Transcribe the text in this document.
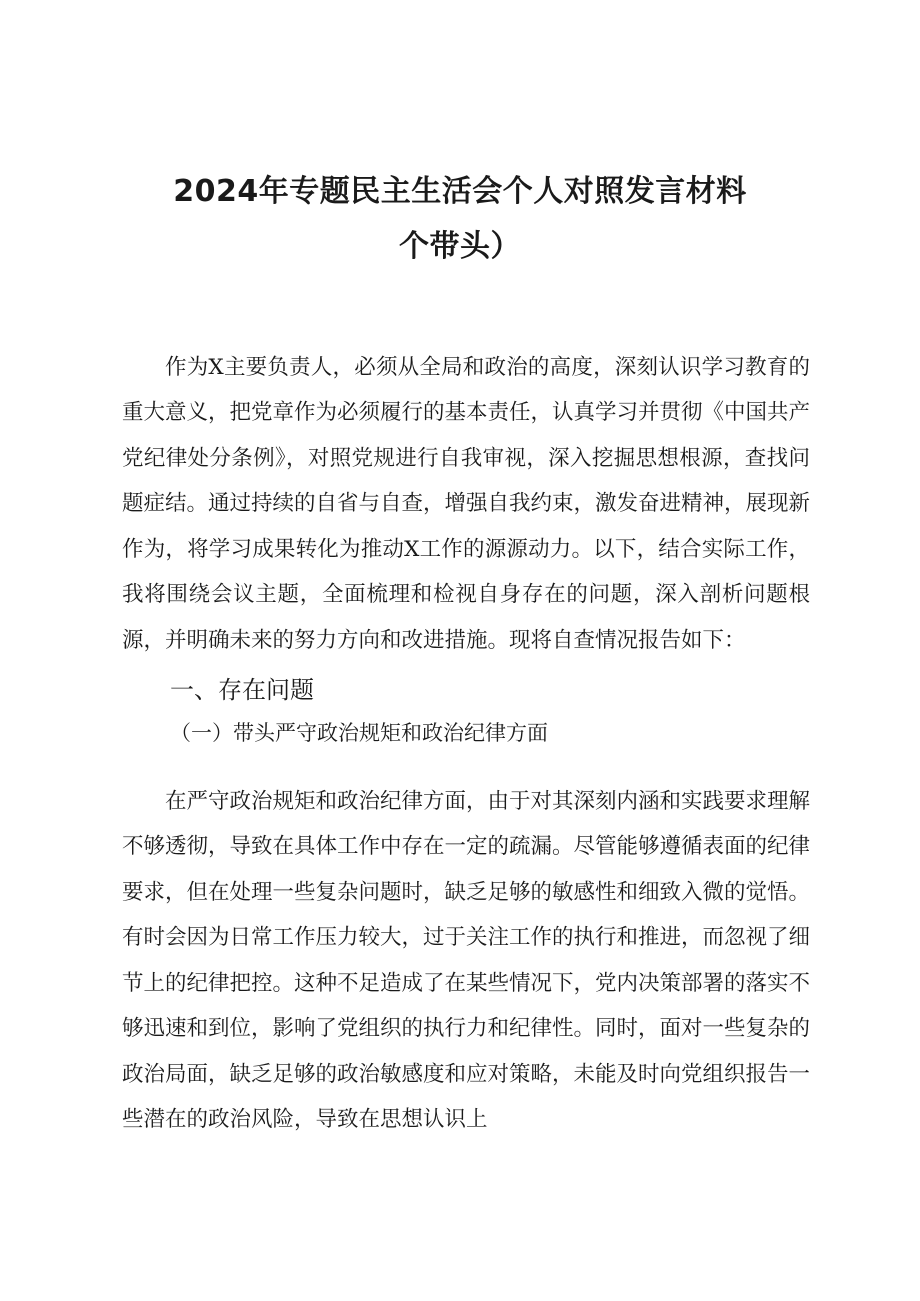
2024年专题民主生活会个人对照发言材料
个带头）

作为X主要负责人，必须从全局和政治的高度，深刻认识学习教育的重大意义，把党章作为必须履行的基本责任，认真学习并贯彻《中国共产党纪律处分条例》，对照党规进行自我审视，深入挖掘思想根源，查找问题症结。通过持续的自省与自查，增强自我约束，激发奋进精神，展现新作为，将学习成果转化为推动X工作的源源动力。以下，结合实际工作，我将围绕会议主题，全面梳理和检视自身存在的问题，深入剖析问题根源，并明确未来的努力方向和改进措施。现将自查情况报告如下：

一、存在问题
（一）带头严守政治规矩和政治纪律方面

在严守政治规矩和政治纪律方面，由于对其深刻内涵和实践要求理解不够透彻，导致在具体工作中存在一定的疏漏。尽管能够遵循表面的纪律要求，但在处理一些复杂问题时，缺乏足够的敏感性和细致入微的觉悟。有时会因为日常工作压力较大，过于关注工作的执行和推进，而忽视了细节上的纪律把控。这种不足造成了在某些情况下，党内决策部署的落实不够迅速和到位，影响了党组织的执行力和纪律性。同时，面对一些复杂的政治局面，缺乏足够的政治敏感度和应对策略，未能及时向党组织报告一些潜在的政治风险，导致在思想认识上
